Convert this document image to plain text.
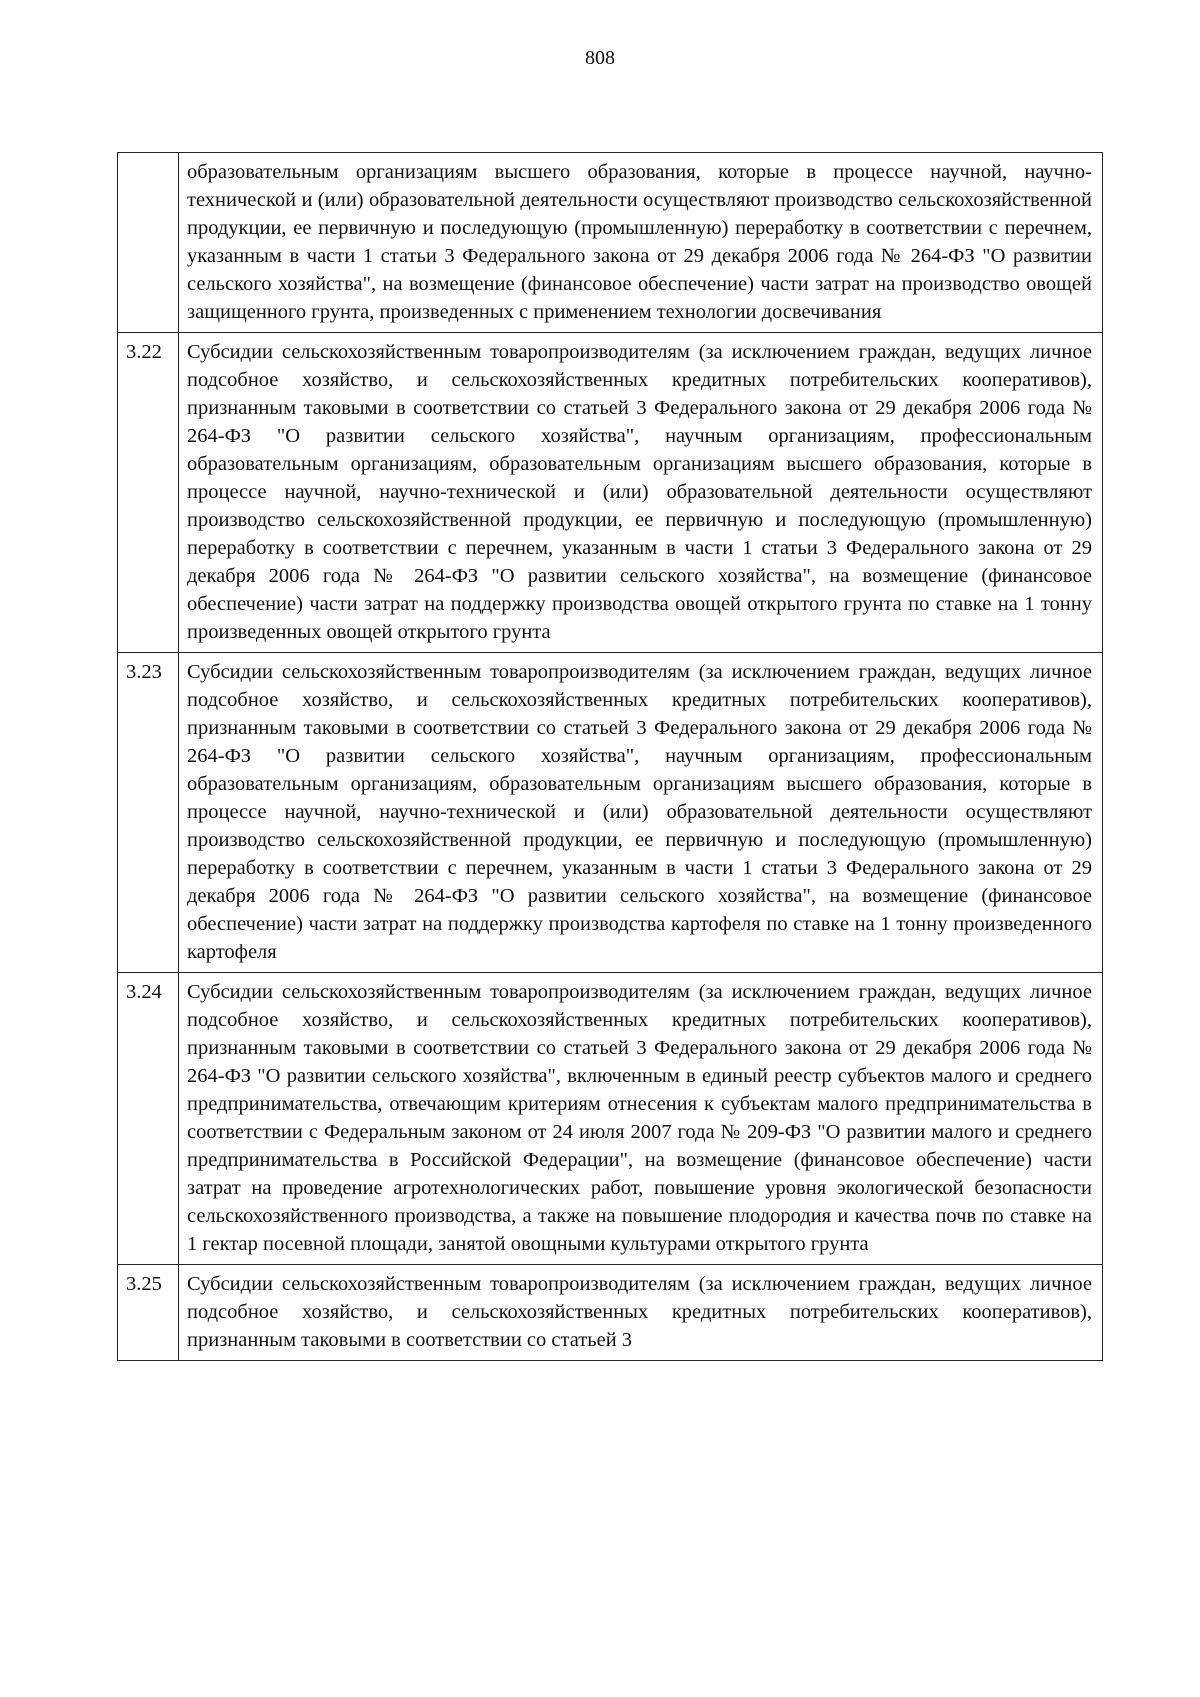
808
	образовательным организациям высшего образования, которые в процессе научной, научно-технической и (или) образовательной деятельности осуществляют производство сельскохозяйственной продукции, ее первичную и последующую (промышленную) переработку в соответствии с перечнем, указанным в части 1 статьи 3 Федерального закона от 29 декабря 2006 года № 264-ФЗ "О развитии сельского хозяйства", на возмещение (финансовое обеспечение) части затрат на производство овощей защищенного грунта, произведенных с применением технологии досвечивания
3.22	Субсидии сельскохозяйственным товаропроизводителям (за исключением граждан, ведущих личное подсобное хозяйство, и сельскохозяйственных кредитных потребительских кооперативов), признанным таковыми в соответствии со статьей 3 Федерального закона от 29 декабря 2006 года № 264-ФЗ "О развитии сельского хозяйства", научным организациям, профессиональным образовательным организациям, образовательным организациям высшего образования, которые в процессе научной, научно-технической и (или) образовательной деятельности осуществляют производство сельскохозяйственной продукции, ее первичную и последующую (промышленную) переработку в соответствии с перечнем, указанным в части 1 статьи 3 Федерального закона от 29 декабря 2006 года № 264-ФЗ "О развитии сельского хозяйства", на возмещение (финансовое обеспечение) части затрат на поддержку производства овощей открытого грунта по ставке на 1 тонну произведенных овощей открытого грунта
3.23	Субсидии сельскохозяйственным товаропроизводителям (за исключением граждан, ведущих личное подсобное хозяйство, и сельскохозяйственных кредитных потребительских кооперативов), признанным таковыми в соответствии со статьей 3 Федерального закона от 29 декабря 2006 года № 264-ФЗ "О развитии сельского хозяйства", научным организациям, профессиональным образовательным организациям, образовательным организациям высшего образования, которые в процессе научной, научно-технической и (или) образовательной деятельности осуществляют производство сельскохозяйственной продукции, ее первичную и последующую (промышленную) переработку в соответствии с перечнем, указанным в части 1 статьи 3 Федерального закона от 29 декабря 2006 года № 264-ФЗ "О развитии сельского хозяйства", на возмещение (финансовое обеспечение) части затрат на поддержку производства картофеля по ставке на 1 тонну произведенного картофеля
3.24	Субсидии сельскохозяйственным товаропроизводителям (за исключением граждан, ведущих личное подсобное хозяйство, и сельскохозяйственных кредитных потребительских кооперативов), признанным таковыми в соответствии со статьей 3 Федерального закона от 29 декабря 2006 года № 264-ФЗ "О развитии сельского хозяйства", включенным в единый реестр субъектов малого и среднего предпринимательства, отвечающим критериям отнесения к субъектам малого предпринимательства в соответствии с Федеральным законом от 24 июля 2007 года № 209-ФЗ "О развитии малого и среднего предпринимательства в Российской Федерации", на возмещение (финансовое обеспечение) части затрат на проведение агротехнологических работ, повышение уровня экологической безопасности сельскохозяйственного производства, а также на повышение плодородия и качества почв по ставке на 1 гектар посевной площади, занятой овощными культурами открытого грунта
3.25	Субсидии сельскохозяйственным товаропроизводителям (за исключением граждан, ведущих личное подсобное хозяйство, и сельскохозяйственных кредитных потребительских кооперативов), признанным таковыми в соответствии со статьей 3
